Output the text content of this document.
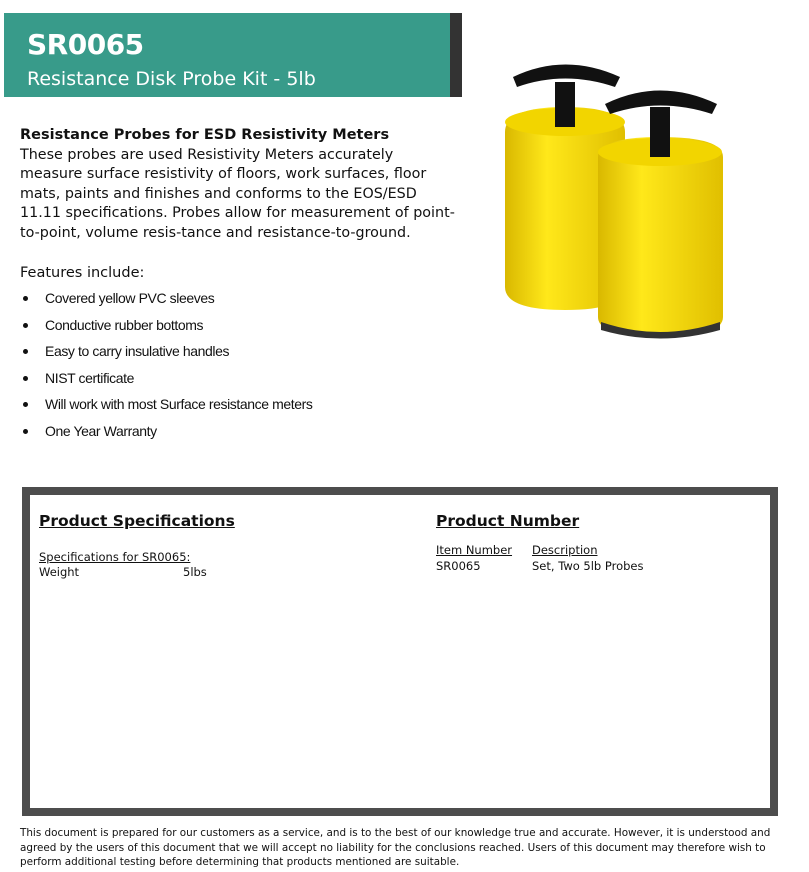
SR0065
Resistance Disk Probe Kit - 5lb
Resistance Probes for ESD Resistivity Meters

These probes are used Resistivity Meters accurately measure surface resistivity of floors, work surfaces, floor mats, paints and finishes and conforms to the EOS/ESD 11.11 specifications. Probes allow for measurement of point-to-point, volume resis-tance and resistance-to-ground.

Features include:
Covered yellow PVC sleeves
Conductive rubber bottoms
Easy to carry insulative handles
NIST certificate
Will work with most Surface resistance meters
One Year Warranty
Product Specifications
Specifications for SR0065:
Weight	5lbs
Product Number
Item Number Description
SR0065	Set, Two 5lb Probes
This document is prepared for our customers as a service, and is to the best of our knowledge true and accurate. However, it is understood and agreed by the users of this document that we will accept no liability for the conclusions reached. Users of this document may therefore wish to perform additional testing before determining that products mentioned are suitable.
